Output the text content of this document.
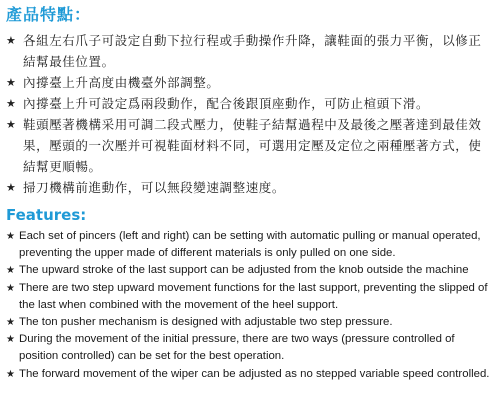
產品特點：
★ 各組左右爪子可設定自動下拉行程或手動操作升降，讓鞋面的張力平衡，以修正結幫最佳位置。
★ 內撐臺上升高度由機臺外部調整。
★ 內撐臺上升可設定爲兩段動作，配合後跟頂座動作，可防止楦頭下滑。
★ 鞋頭壓著機構采用可調二段式壓力，使鞋子結幫過程中及最後之壓著達到最佳效果，壓頭的一次壓并可視鞋面材料不同，可選用定壓及定位之兩種壓著方式，使結幫更順暢。
★ 掃刀機構前進動作，可以無段變速調整速度。
Features:
★ Each set of pincers (left and right) can be setting with automatic pulling or manual operated, preventing the upper made of different materials is only pulled on one side.
★ The upward stroke of the last support can be adjusted from the knob outside the machine
★ There are two step upward movement functions for the last support, preventing the slipped of the last when combined with the movement of the heel support.
★ The ton pusher mechanism is designed with adjustable two step pressure.
★ During the movement of the initial pressure, there are two ways (pressure controlled of position controlled) can be set for the best operation.
★ The forward movement of the wiper can be adjusted as no stepped variable speed controlled.
